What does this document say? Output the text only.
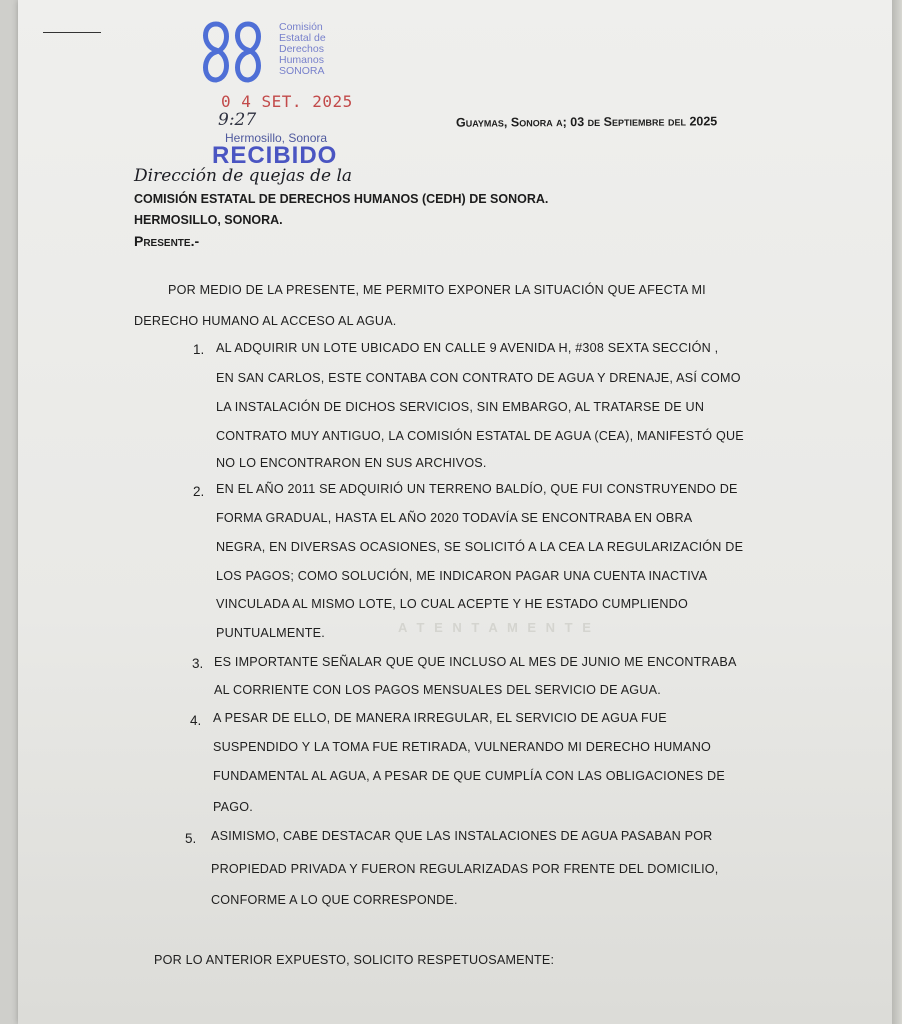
Comisión
Estatal de
Derechos
Humanos
SONORA
0 4 SET. 2025
9:27
Hermosillo, Sonora
RECIBIDO
Guaymas, Sonora a; 03 de Septiembre del 2025
Dirección de quejas de la
COMISIÓN ESTATAL DE DERECHOS HUMANOS (CEDH) DE SONORA.
HERMOSILLO, SONORA.
Presente.-
POR MEDIO DE LA PRESENTE, ME PERMITO EXPONER LA SITUACIÓN QUE AFECTA MI
DERECHO HUMANO AL ACCESO AL AGUA.
A T E N T A M E N T E
1. AL ADQUIRIR UN LOTE UBICADO EN CALLE 9 AVENIDA H, #308 SEXTA SECCIÓN ,
EN SAN CARLOS, ESTE CONTABA CON CONTRATO DE AGUA Y DRENAJE, ASÍ COMO
LA INSTALACIÓN DE DICHOS SERVICIOS, SIN EMBARGO, AL TRATARSE DE UN
CONTRATO MUY ANTIGUO, LA COMISIÓN ESTATAL DE AGUA (CEA), MANIFESTÓ QUE
NO LO ENCONTRARON EN SUS ARCHIVOS.
2. EN EL AÑO 2011 SE ADQUIRIÓ UN TERRENO BALDÍO, QUE FUI CONSTRUYENDO DE
FORMA GRADUAL, HASTA EL AÑO 2020 TODAVÍA SE ENCONTRABA EN OBRA
NEGRA, EN DIVERSAS OCASIONES, SE SOLICITÓ A LA CEA LA REGULARIZACIÓN DE
LOS PAGOS; COMO SOLUCIÓN, ME INDICARON PAGAR UNA CUENTA INACTIVA
VINCULADA AL MISMO LOTE, LO CUAL ACEPTE Y HE ESTADO CUMPLIENDO
PUNTUALMENTE.
3. ES IMPORTANTE SEÑALAR QUE QUE INCLUSO AL MES DE JUNIO ME ENCONTRABA
AL CORRIENTE CON LOS PAGOS MENSUALES DEL SERVICIO DE AGUA.
4. A PESAR DE ELLO, DE MANERA IRREGULAR, EL SERVICIO DE AGUA FUE
SUSPENDIDO Y LA TOMA FUE RETIRADA, VULNERANDO MI DERECHO HUMANO
FUNDAMENTAL AL AGUA, A PESAR DE QUE CUMPLÍA CON LAS OBLIGACIONES DE
PAGO.
5. ASIMISMO, CABE DESTACAR QUE LAS INSTALACIONES DE AGUA PASABAN POR
PROPIEDAD PRIVADA Y FUERON REGULARIZADAS POR FRENTE DEL DOMICILIO,
CONFORME A LO QUE CORRESPONDE.
POR LO ANTERIOR EXPUESTO, SOLICITO RESPETUOSAMENTE:
